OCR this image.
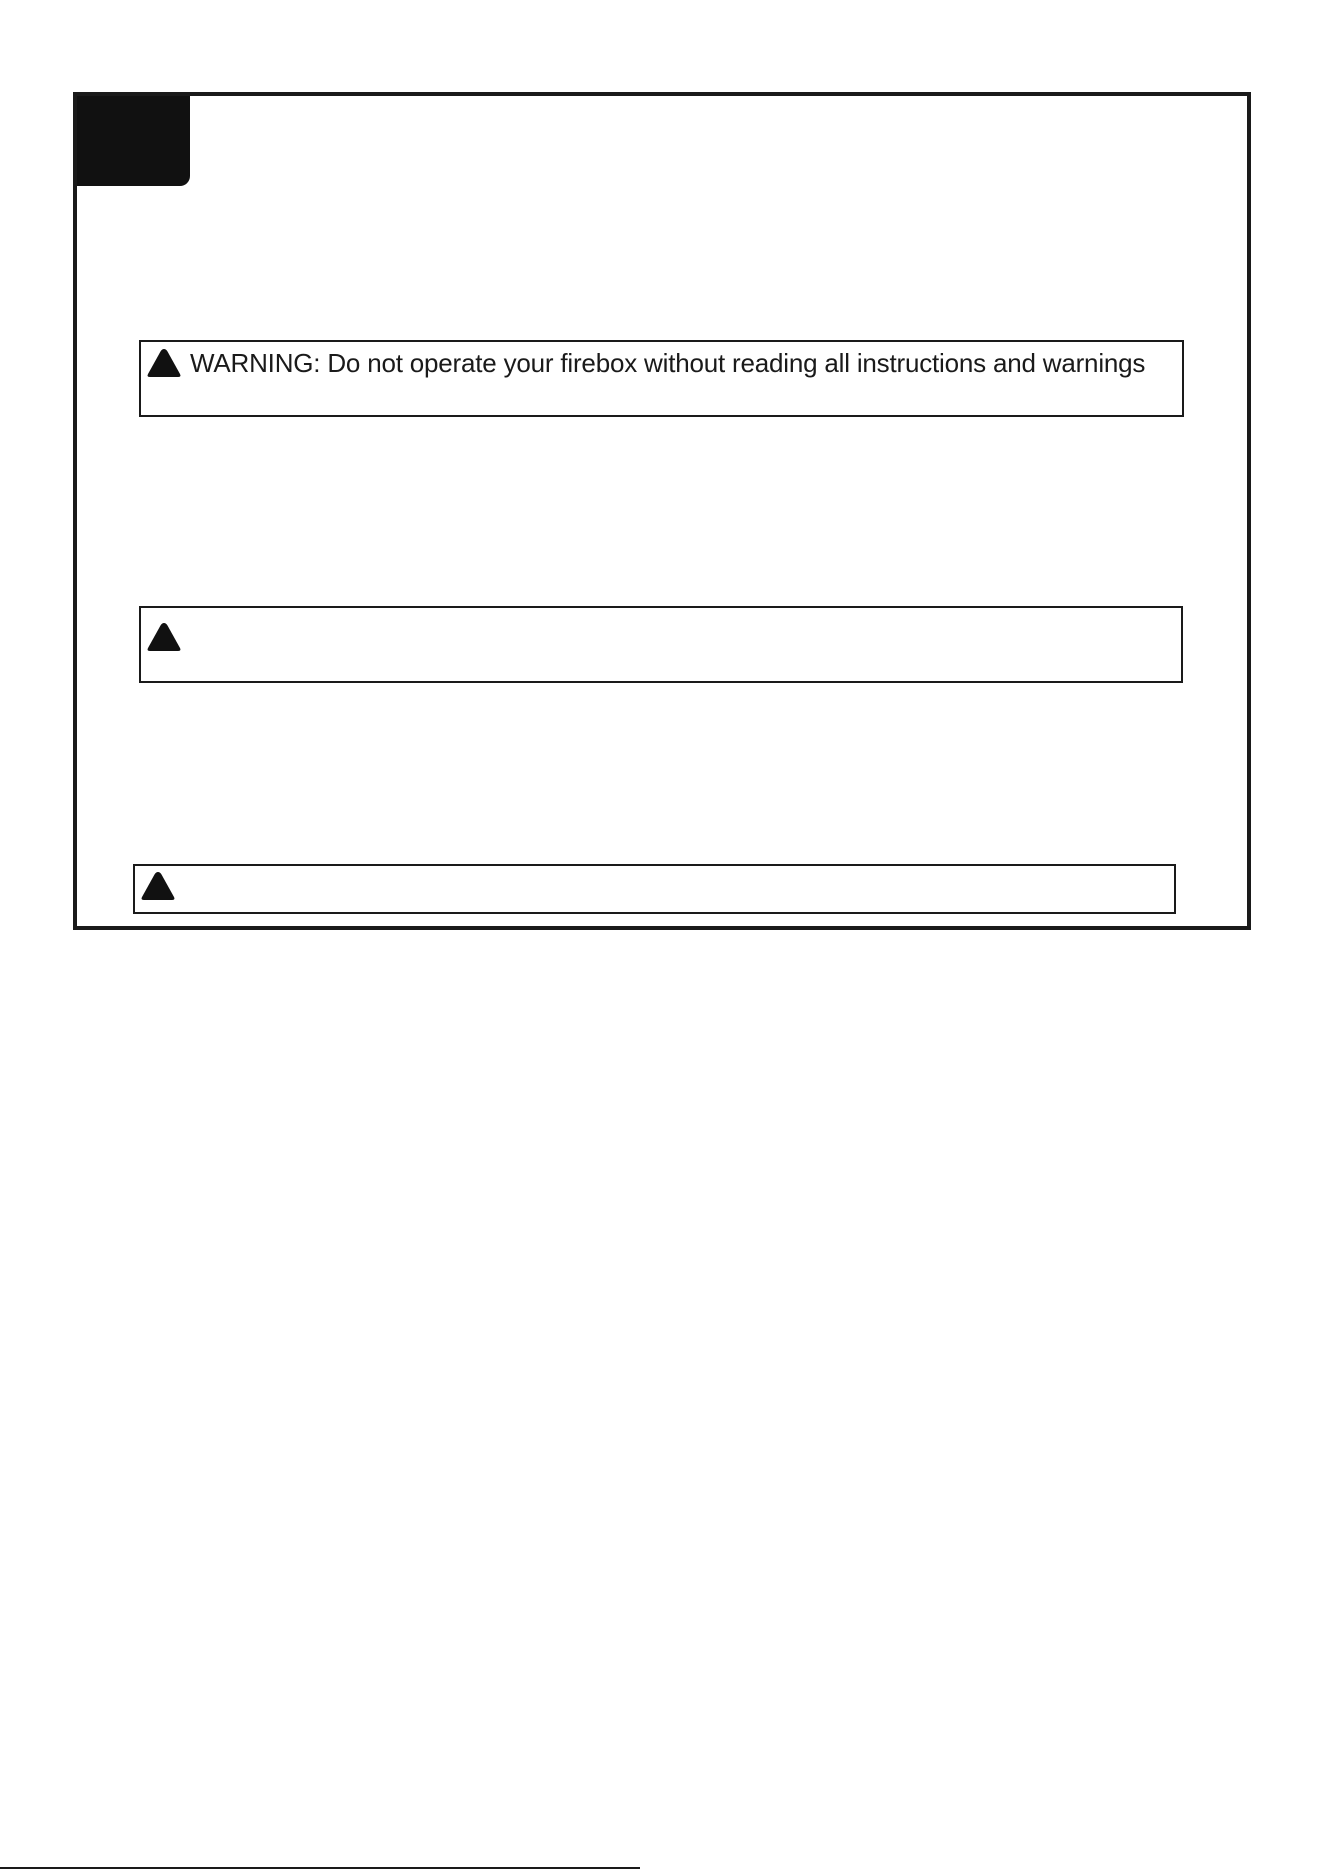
WARNING: Do not operate your firebox without reading all instructions and warnings
